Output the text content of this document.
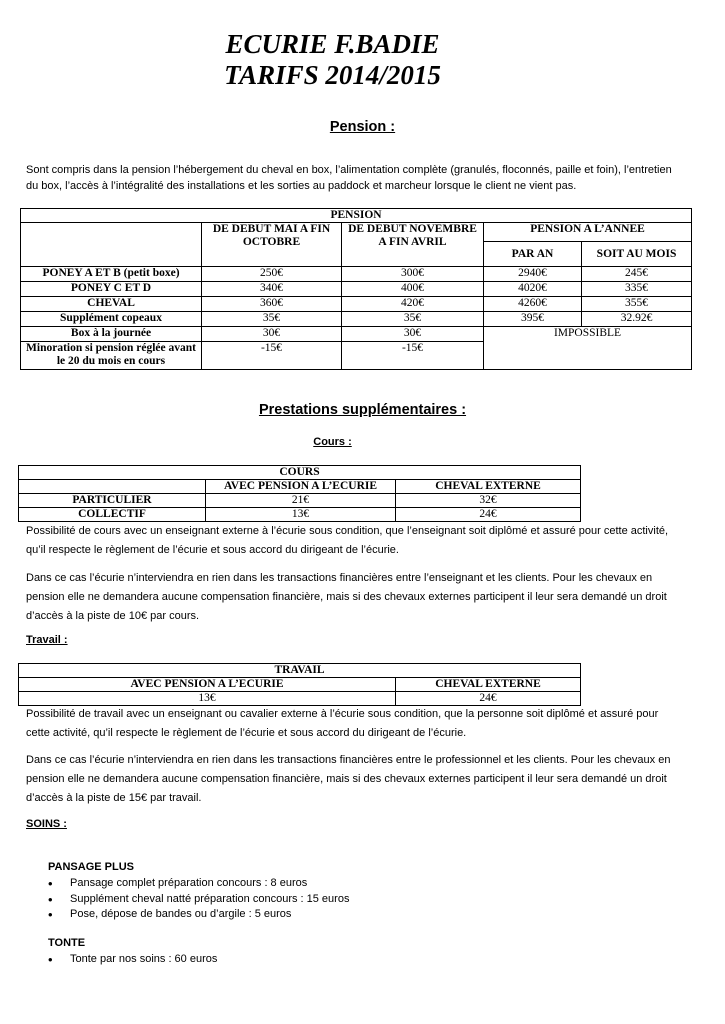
ECURIE F.BADIE
TARIFS 2014/2015
Pension :
Sont compris dans la pension l’hébergement du cheval en box, l’alimentation complète (granulés, floconnés, paille et foin), l’entretien du box, l’accès à l’intégralité des installations et les sorties au paddock et marcheur lorsque le client ne vient pas.
PENSION				
	DE DEBUT MAI A FIN OCTOBRE	DE DEBUT NOVEMBRE A FIN AVRIL	PENSION A L’ANNEE	
			PAR AN	SOIT AU MOIS
PONEY A ET B (petit boxe)	250€	300€	2940€	245€
PONEY C ET D	340€	400€	4020€	335€
CHEVAL	360€	420€	4260€	355€
Supplément copeaux	35€	35€	395€	32.92€
Box à la journée	30€	30€	IMPOSSIBLE	
Minoration si pension réglée avant le 20 du mois en cours	-15€	-15€		
Prestations supplémentaires :
Cours :
COURS		
	AVEC PENSION A L’ECURIE	CHEVAL EXTERNE
PARTICULIER	21€	32€
COLLECTIF	13€	24€
Possibilité de cours avec un enseignant externe à l’écurie sous condition, que l’enseignant soit diplômé et assuré pour cette activité, qu’il respecte le règlement de l’écurie et sous accord du dirigeant de l’écurie.
Dans ce cas l’écurie n’interviendra en rien dans les transactions financières entre l’enseignant et les clients. Pour les chevaux en pension elle ne demandera aucune compensation financière, mais si des chevaux externes participent il leur sera demandé un droit d’accès à la piste de 10€ par cours.
Travail :
TRAVAIL	
AVEC PENSION A L’ECURIE	CHEVAL EXTERNE
13€	24€
Possibilité de travail avec un enseignant ou cavalier externe à l’écurie sous condition, que la personne soit diplômé et assuré pour cette activité, qu’il respecte le règlement de l’écurie et sous accord du dirigeant de l’écurie.
Dans ce cas l’écurie n’interviendra en rien dans les transactions financières entre le professionnel et les clients. Pour les chevaux en pension elle ne demandera aucune compensation financière, mais si des chevaux externes participent il leur sera demandé un droit d’accès à la piste de 15€ par travail.
SOINS :
PANSAGE PLUS
• Pansage complet préparation concours : 8 euros
• Supplément cheval natté préparation concours : 15 euros
• Pose, dépose de bandes ou d’argile : 5 euros
TONTE
• Tonte par nos soins : 60 euros
